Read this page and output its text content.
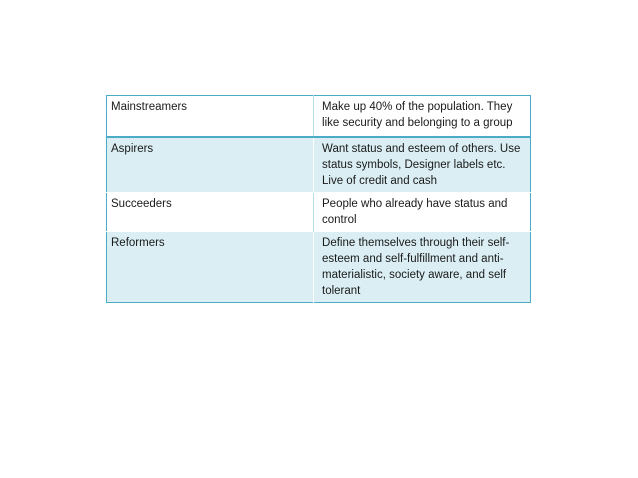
Mainstreamers	Make up 40% of the population. They like security and belonging to a group
Aspirers	Want status and esteem of others. Use status symbols, Designer labels etc. Live of credit and cash
Succeeders	People who already have status and control
Reformers	Define themselves through their self-esteem and self-fulfillment and anti-materialistic, society aware, and self tolerant
